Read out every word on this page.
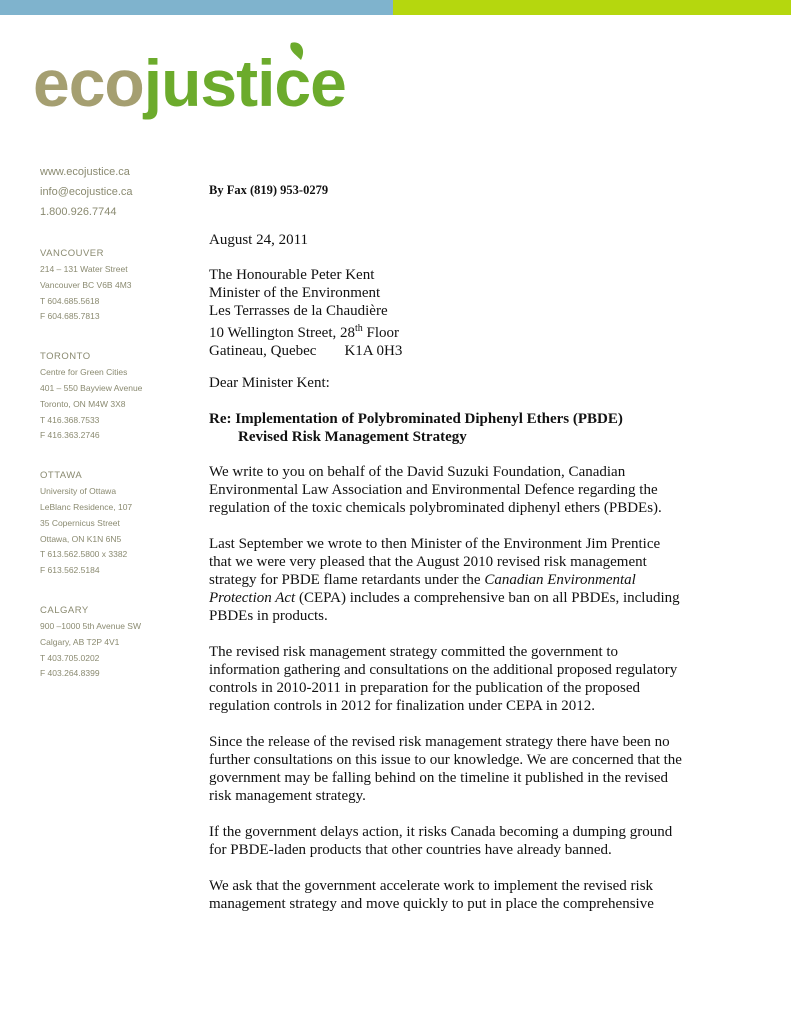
ecojustice
www.ecojustice.ca
info@ecojustice.ca
1.800.926.7744
VANCOUVER
214 – 131 Water Street
Vancouver BC V6B 4M3
T 604.685.5618
F 604.685.7813
TORONTO
Centre for Green Cities
401 – 550 Bayview Avenue
Toronto, ON M4W 3X8
T 416.368.7533
F 416.363.2746
OTTAWA
University of Ottawa
LeBlanc Residence, 107
35 Copernicus Street
Ottawa, ON K1N 6N5
T 613.562.5800 x 3382
F 613.562.5184
CALGARY
900 –1000 5th Avenue SW
Calgary, AB T2P 4V1
T 403.705.0202
F 403.264.8399
By Fax (819) 953-0279
August 24, 2011
The Honourable Peter Kent
Minister of the Environment
Les Terrasses de la Chaudière
10 Wellington Street, 28th Floor
Gatineau, Quebec K1A 0H3
Dear Minister Kent:
Re: Implementation of Polybrominated Diphenyl Ethers (PBDE)
Revised Risk Management Strategy

We write to you on behalf of the David Suzuki Foundation, Canadian Environmental Law Association and Environmental Defence regarding the regulation of the toxic chemicals polybrominated diphenyl ethers (PBDEs).

Last September we wrote to then Minister of the Environment Jim Prentice that we were very pleased that the August 2010 revised risk management strategy for PBDE flame retardants under the Canadian Environmental Protection Act (CEPA) includes a comprehensive ban on all PBDEs, including PBDEs in products.

The revised risk management strategy committed the government to information gathering and consultations on the additional proposed regulatory controls in 2010-2011 in preparation for the publication of the proposed regulation controls in 2012 for finalization under CEPA in 2012.

Since the release of the revised risk management strategy there have been no further consultations on this issue to our knowledge. We are concerned that the government may be falling behind on the timeline it published in the revised risk management strategy.

If the government delays action, it risks Canada becoming a dumping ground for PBDE-laden products that other countries have already banned.

We ask that the government accelerate work to implement the revised risk management strategy and move quickly to put in place the comprehensive
